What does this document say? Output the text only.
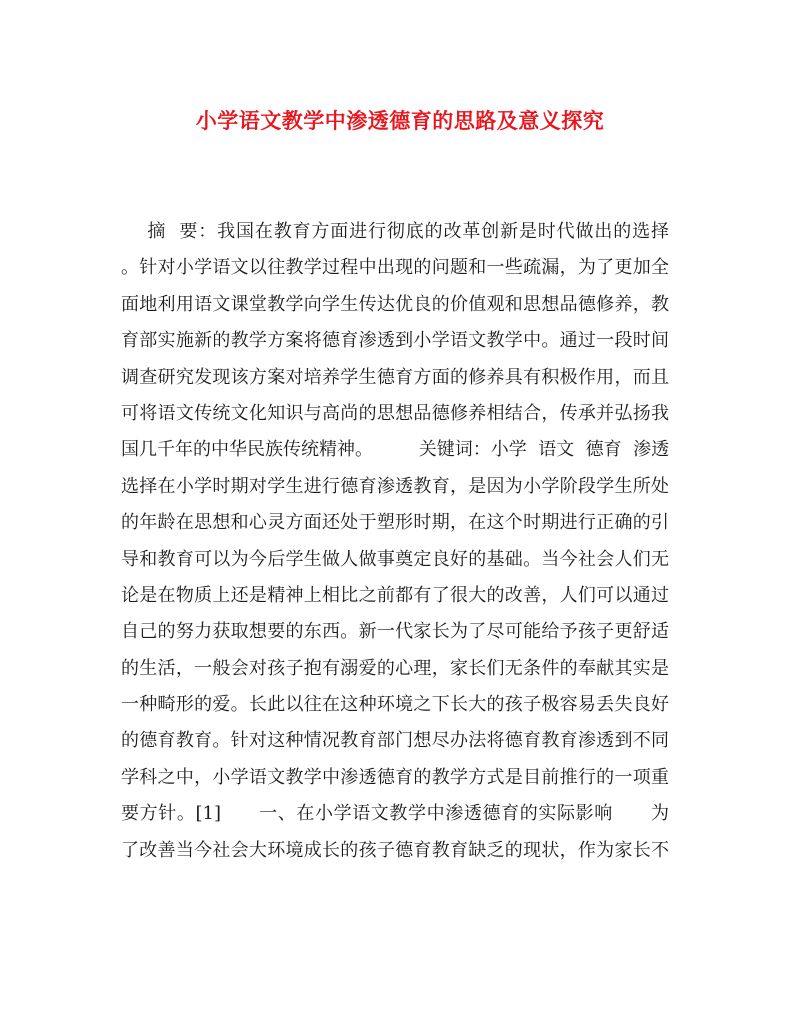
小学语文教学中渗透德育的思路及意义探究
摘  要：我国在教育方面进行彻底的改革创新是时代做出的选择
。针对小学语文以往教学过程中出现的问题和一些疏漏，为了更加全
面地利用语文课堂教学向学生传达优良的价值观和思想品德修养，教
育部实施新的教学方案将德育渗透到小学语文教学中。通过一段时间
调查研究发现该方案对培养学生德育方面的修养具有积极作用，而且
可将语文传统文化知识与高尚的思想品德修养相结合，传承并弘扬我
国几千年的中华民族传统精神。        关键词：小学  语文  德育  渗透
选择在小学时期对学生进行德育渗透教育，是因为小学阶段学生所处
的年龄在思想和心灵方面还处于塑形时期，在这个时期进行正确的引
导和教育可以为今后学生做人做事奠定良好的基础。当今社会人们无
论是在物质上还是精神上相比之前都有了很大的改善，人们可以通过
自己的努力获取想要的东西。新一代家长为了尽可能给予孩子更舒适
的生活，一般会对孩子抱有溺爱的心理，家长们无条件的奉献其实是
一种畸形的爱。长此以往在这种环境之下长大的孩子极容易丢失良好
的德育教育。针对这种情况教育部门想尽办法将德育教育渗透到不同
学科之中，小学语文教学中渗透德育的教学方式是目前推行的一项重
要方针。[1]      一、在小学语文教学中渗透德育的实际影响      为
了改善当今社会大环境成长的孩子德育教育缺乏的现状，作为家长不
